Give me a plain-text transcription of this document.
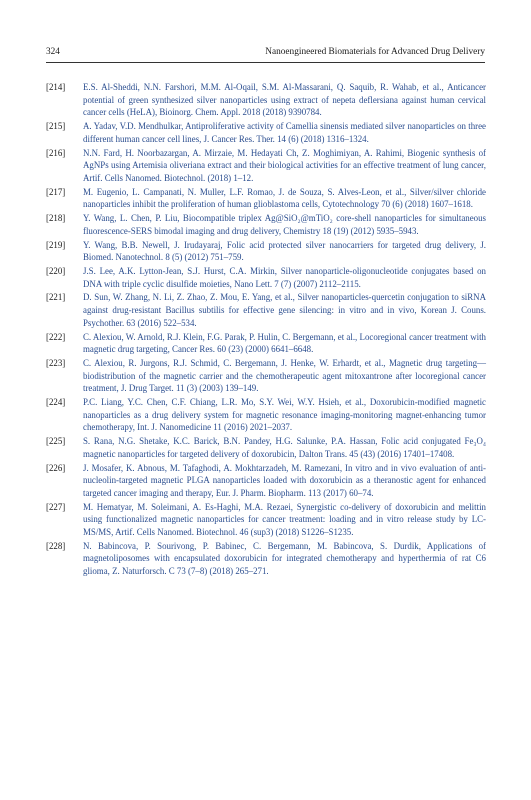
324	Nanoengineered Biomaterials for Advanced Drug Delivery
[214]	E.S. Al-Sheddi, N.N. Farshori, M.M. Al-Oqail, S.M. Al-Massarani, Q. Saquib, R. Wahab, et al., Anticancer potential of green synthesized silver nanoparticles using extract of nepeta deflersiana against human cervical cancer cells (HeLA), Bioinorg. Chem. Appl. 2018 (2018) 9390784.
[215]	A. Yadav, V.D. Mendhulkar, Antiproliferative activity of Camellia sinensis mediated silver nanoparticles on three different human cancer cell lines, J. Cancer Res. Ther. 14 (6) (2018) 1316–1324.
[216]	N.N. Fard, H. Noorbazargan, A. Mirzaie, M. Hedayati Ch, Z. Moghimiyan, A. Rahimi, Biogenic synthesis of AgNPs using Artemisia oliveriana extract and their biological activities for an effective treatment of lung cancer, Artif. Cells Nanomed. Biotechnol. (2018) 1–12.
[217]	M. Eugenio, L. Campanati, N. Muller, L.F. Romao, J. de Souza, S. Alves-Leon, et al., Silver/silver chloride nanoparticles inhibit the proliferation of human glioblastoma cells, Cytotechnology 70 (6) (2018) 1607–1618.
[218]	Y. Wang, L. Chen, P. Liu, Biocompatible triplex Ag@SiO₂@mTiO₂ core-shell nanoparticles for simultaneous fluorescence-SERS bimodal imaging and drug delivery, Chemistry 18 (19) (2012) 5935–5943.
[219]	Y. Wang, B.B. Newell, J. Irudayaraj, Folic acid protected silver nanocarriers for targeted drug delivery, J. Biomed. Nanotechnol. 8 (5) (2012) 751–759.
[220]	J.S. Lee, A.K. Lytton-Jean, S.J. Hurst, C.A. Mirkin, Silver nanoparticle-oligonucleotide conjugates based on DNA with triple cyclic disulfide moieties, Nano Lett. 7 (7) (2007) 2112–2115.
[221]	D. Sun, W. Zhang, N. Li, Z. Zhao, Z. Mou, E. Yang, et al., Silver nanoparticles-quercetin conjugation to siRNA against drug-resistant Bacillus subtilis for effective gene silencing: in vitro and in vivo, Korean J. Couns. Psychother. 63 (2016) 522–534.
[222]	C. Alexiou, W. Arnold, R.J. Klein, F.G. Parak, P. Hulin, C. Bergemann, et al., Locoregional cancer treatment with magnetic drug targeting, Cancer Res. 60 (23) (2000) 6641–6648.
[223]	C. Alexiou, R. Jurgons, R.J. Schmid, C. Bergemann, J. Henke, W. Erhardt, et al., Magnetic drug targeting—biodistribution of the magnetic carrier and the chemotherapeutic agent mitoxantrone after locoregional cancer treatment, J. Drug Target. 11 (3) (2003) 139–149.
[224]	P.C. Liang, Y.C. Chen, C.F. Chiang, L.R. Mo, S.Y. Wei, W.Y. Hsieh, et al., Doxorubicin-modified magnetic nanoparticles as a drug delivery system for magnetic resonance imaging-monitoring magnet-enhancing tumor chemotherapy, Int. J. Nanomedicine 11 (2016) 2021–2037.
[225]	S. Rana, N.G. Shetake, K.C. Barick, B.N. Pandey, H.G. Salunke, P.A. Hassan, Folic acid conjugated Fe₃O₄ magnetic nanoparticles for targeted delivery of doxorubicin, Dalton Trans. 45 (43) (2016) 17401–17408.
[226]	J. Mosafer, K. Abnous, M. Tafaghodi, A. Mokhtarzadeh, M. Ramezani, In vitro and in vivo evaluation of anti-nucleolin-targeted magnetic PLGA nanoparticles loaded with doxorubicin as a theranostic agent for enhanced targeted cancer imaging and therapy, Eur. J. Pharm. Biopharm. 113 (2017) 60–74.
[227]	M. Hematyar, M. Soleimani, A. Es-Haghi, M.A. Rezaei, Synergistic co-delivery of doxorubicin and melittin using functionalized magnetic nanoparticles for cancer treatment: loading and in vitro release study by LC-MS/MS, Artif. Cells Nanomed. Biotechnol. 46 (sup3) (2018) S1226–S1235.
[228]	N. Babincova, P. Sourivong, P. Babinec, C. Bergemann, M. Babincova, S. Durdik, Applications of magnetoliposomes with encapsulated doxorubicin for integrated chemotherapy and hyperthermia of rat C6 glioma, Z. Naturforsch. C 73 (7–8) (2018) 265–271.
